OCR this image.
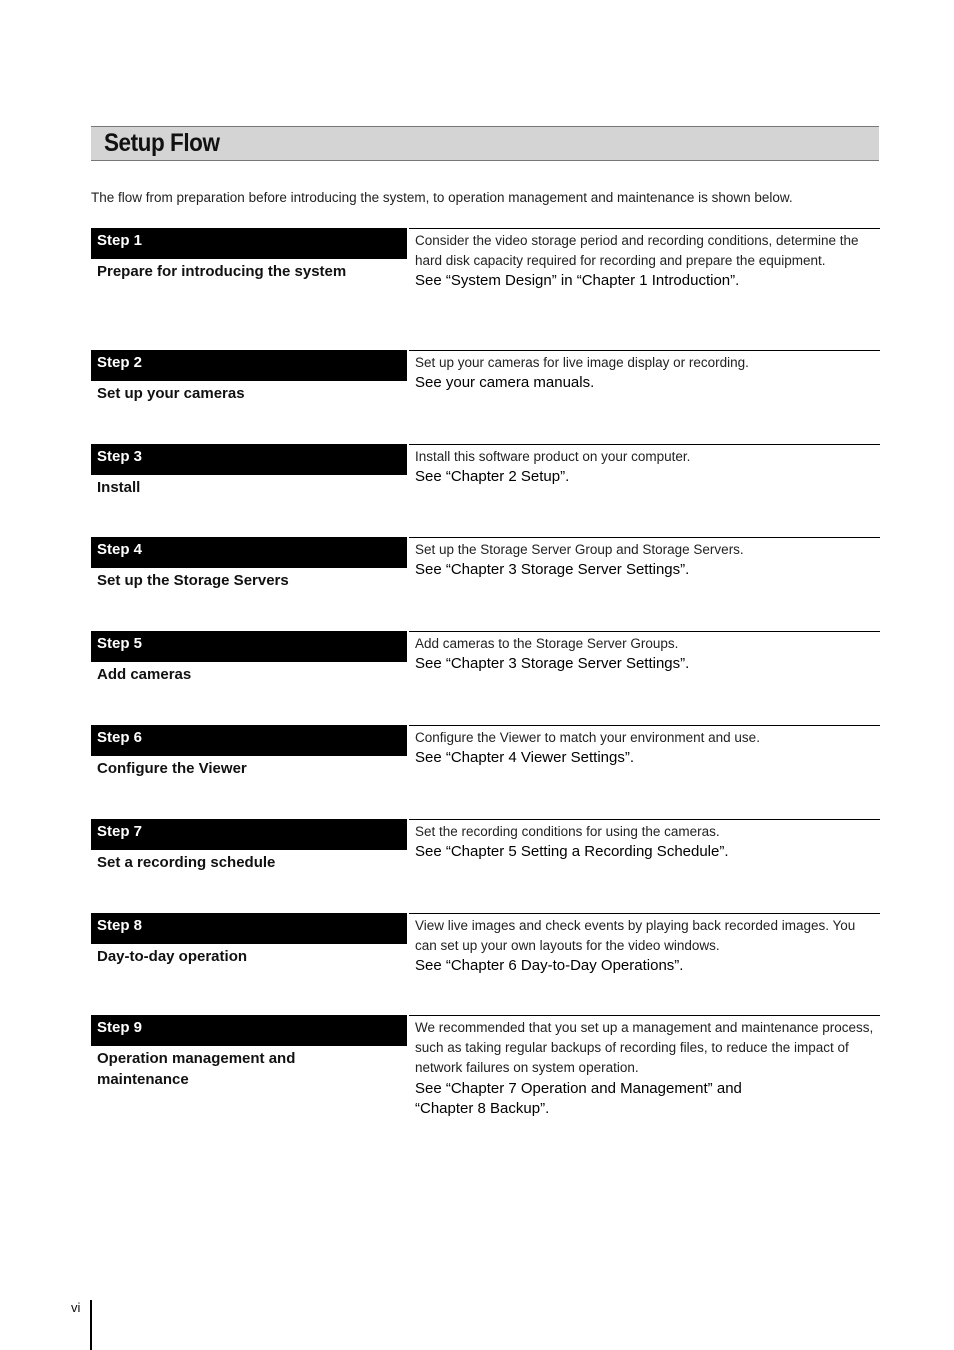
Setup Flow
The flow from preparation before introducing the system, to operation management and maintenance is shown below.
Step 1
Prepare for introducing the system
Consider the video storage period and recording conditions, determine the hard disk capacity required for recording and prepare the equipment.
See “System Design” in “Chapter 1 Introduction”.
Step 2
Set up your cameras
Set up your cameras for live image display or recording.
See your camera manuals.
Step 3
Install
Install this software product on your computer.
See “Chapter 2 Setup”.
Step 4
Set up the Storage Servers
Set up the Storage Server Group and Storage Servers.
See “Chapter 3 Storage Server Settings”.
Step 5
Add cameras
Add cameras to the Storage Server Groups.
See “Chapter 3 Storage Server Settings”.
Step 6
Configure the Viewer
Configure the Viewer to match your environment and use.
See “Chapter 4 Viewer Settings”.
Step 7
Set a recording schedule
Set the recording conditions for using the cameras.
See “Chapter 5 Setting a Recording Schedule”.
Step 8
Day-to-day operation
View live images and check events by playing back recorded images. You can set up your own layouts for the video windows.
See “Chapter 6 Day-to-Day Operations”.
Step 9
Operation management and maintenance
We recommended that you set up a management and maintenance process, such as taking regular backups of recording files, to reduce the impact of network failures on system operation.
See “Chapter 7 Operation and Management” and “Chapter 8 Backup”.
vi
